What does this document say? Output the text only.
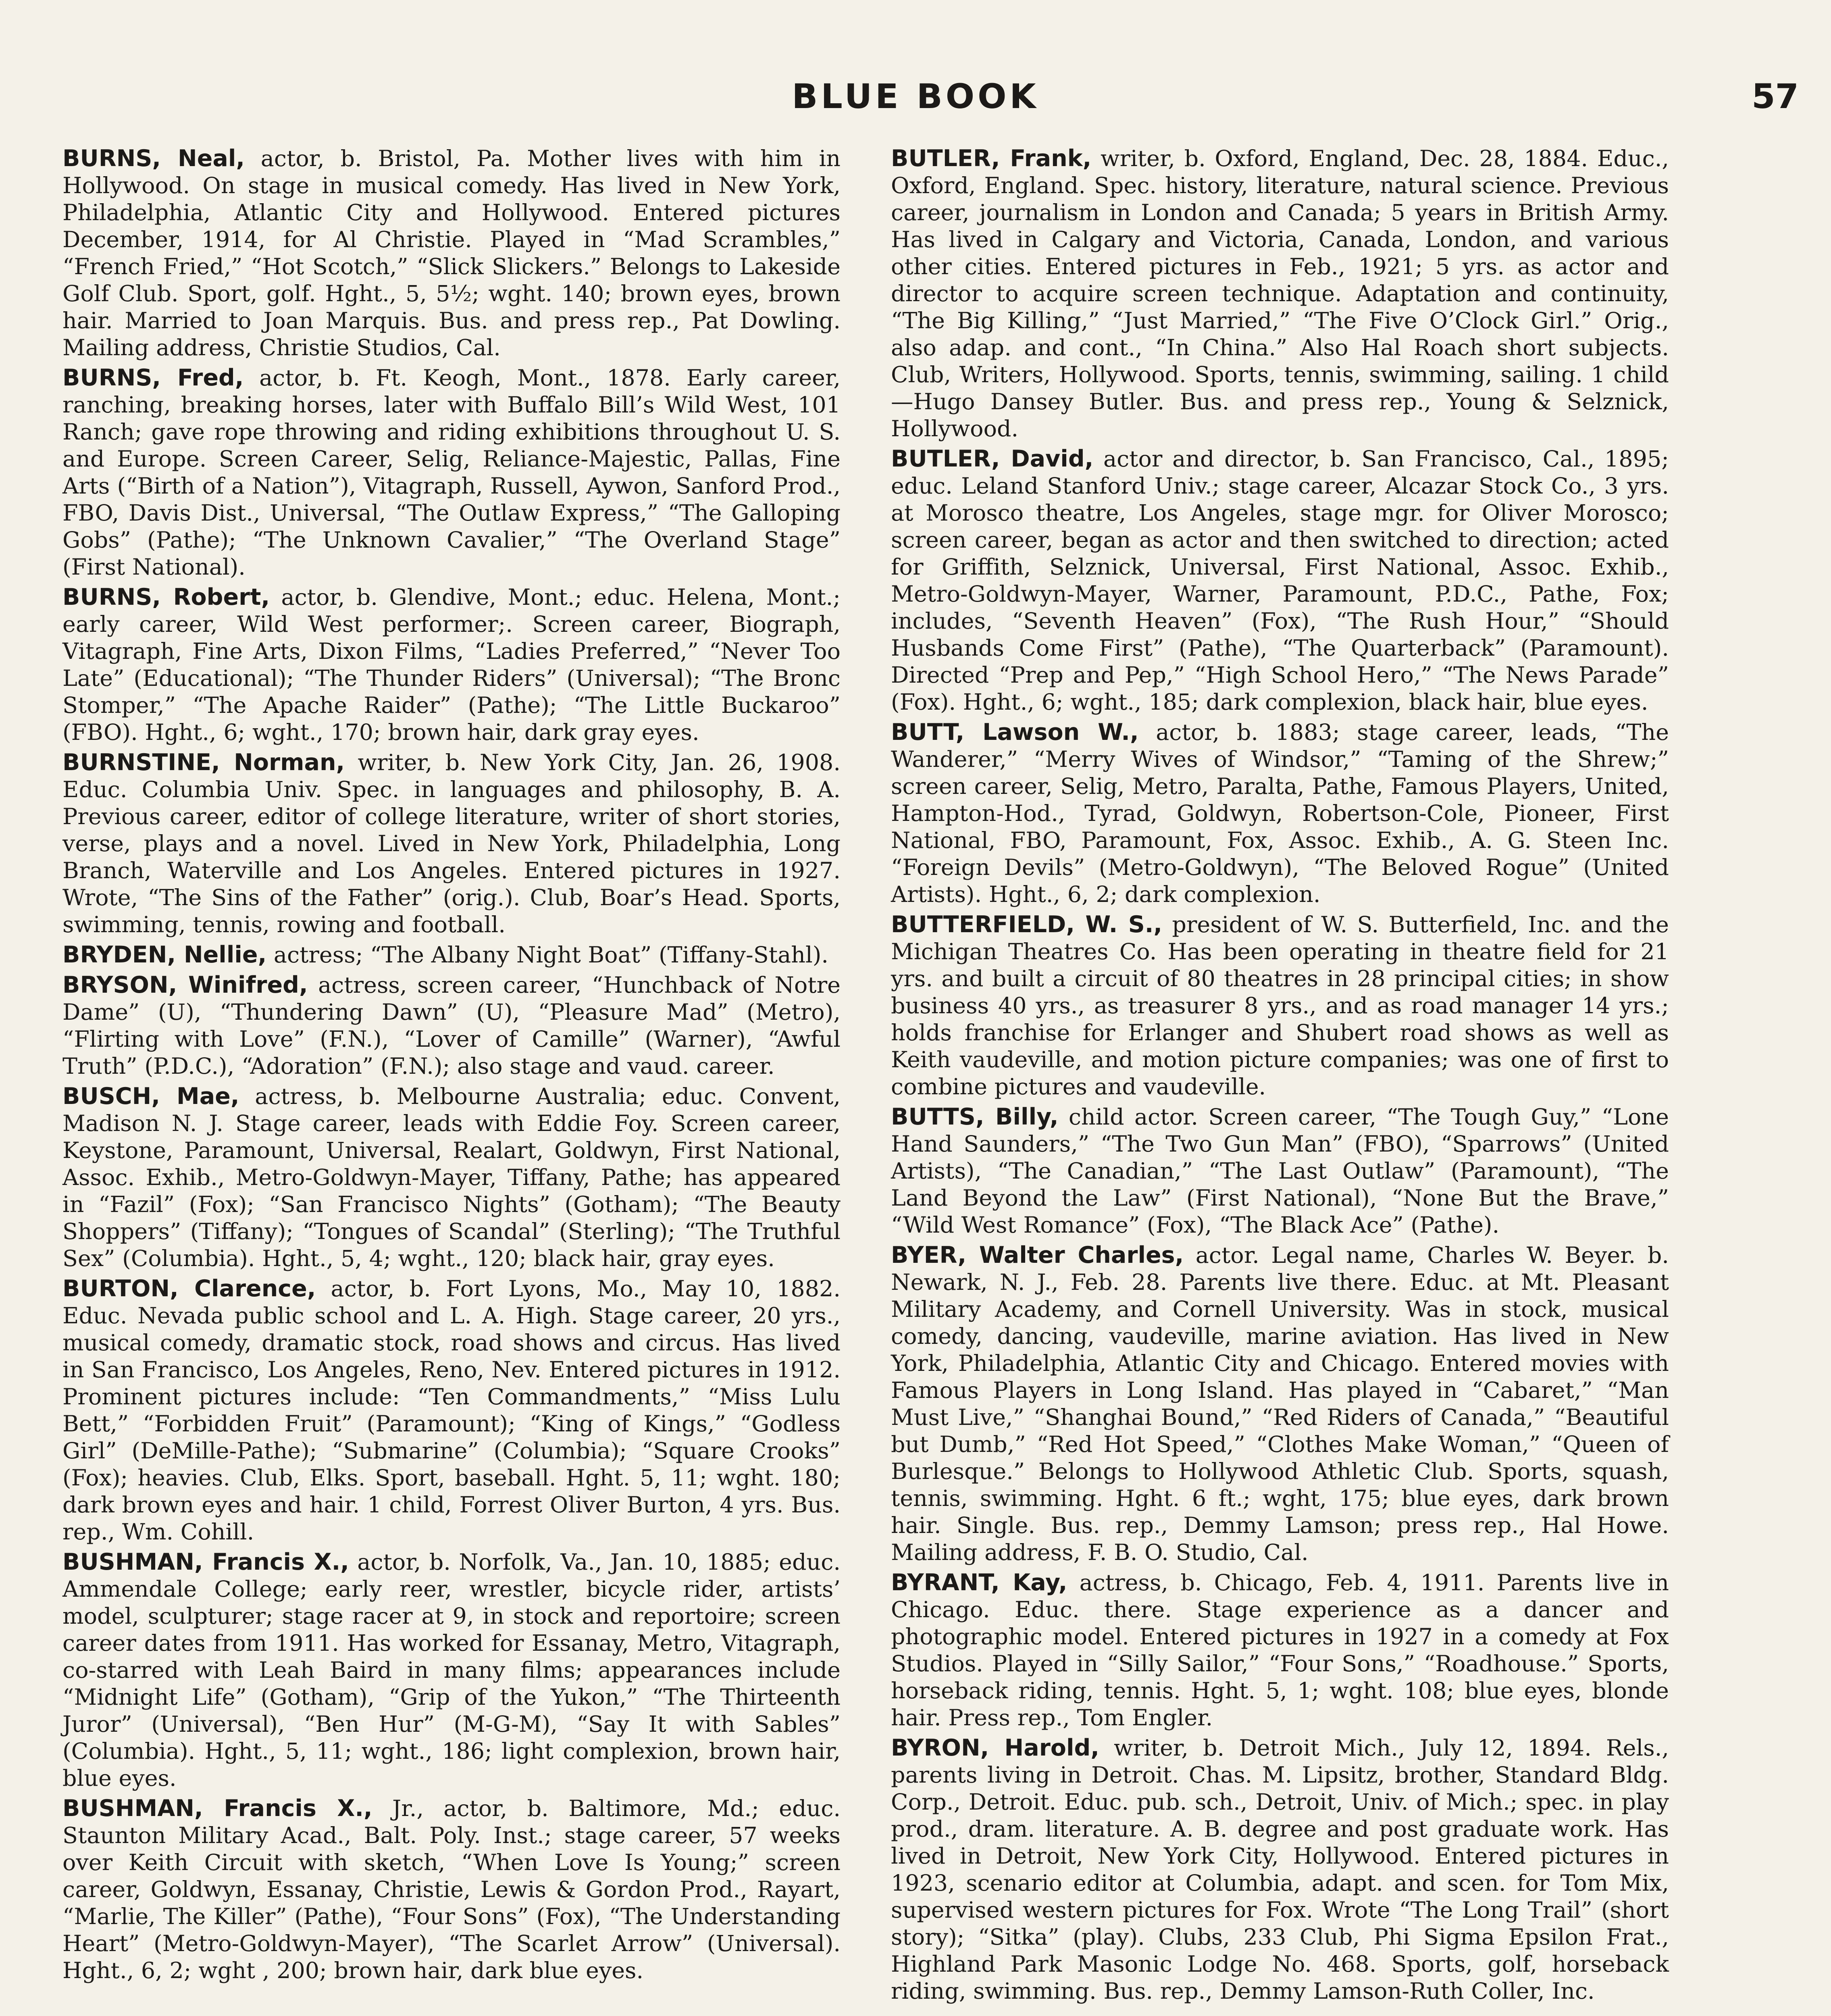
BLUE BOOK	57

BURNS, Neal, actor, b. Bristol, Pa. Mother lives with him in Hollywood. On stage in musical comedy. Has lived in New York, Philadelphia, Atlantic City and Hollywood. Entered pictures December, 1914, for Al Christie. Played in “Mad Scrambles,” “French Fried,” “Hot Scotch,” “Slick Slickers.” Belongs to Lakeside Golf Club. Sport, golf. Hght., 5, 5½; wght. 140; brown eyes, brown hair. Married to Joan Marquis. Bus. and press rep., Pat Dowling. Mailing address, Christie Studios, Cal.

BURNS, Fred, actor, b. Ft. Keogh, Mont., 1878. Early career, ranching, breaking horses, later with Buffalo Bill’s Wild West, 101 Ranch; gave rope throwing and riding exhibitions throughout U. S. and Europe. Screen Career, Selig, Reliance-Majestic, Pallas, Fine Arts (“Birth of a Nation”), Vitagraph, Russell, Aywon, Sanford Prod., FBO, Davis Dist., Universal, “The Outlaw Express,” “The Galloping Gobs” (Pathe); “The Unknown Cavalier,” “The Overland Stage” (First National).

BURNS, Robert, actor, b. Glendive, Mont.; educ. Helena, Mont.; early career, Wild West performer;. Screen career, Biograph, Vitagraph, Fine Arts, Dixon Films, “Ladies Preferred,” “Never Too Late” (Educational); “The Thunder Riders” (Universal); “The Bronc Stomper,” “The Apache Raider” (Pathe); “The Little Buckaroo” (FBO). Hght., 6; wght., 170; brown hair, dark gray eyes.

BURNSTINE, Norman, writer, b. New York City, Jan. 26, 1908. Educ. Columbia Univ. Spec. in languages and philosophy, B. A. Previous career, editor of college literature, writer of short stories, verse, plays and a novel. Lived in New York, Philadelphia, Long Branch, Waterville and Los Angeles. Entered pictures in 1927. Wrote, “The Sins of the Father” (orig.). Club, Boar’s Head. Sports, swimming, tennis, rowing and football.

BRYDEN, Nellie, actress; “The Albany Night Boat” (Tiffany-Stahl).

BRYSON, Winifred, actress, screen career, “Hunchback of Notre Dame” (U), “Thundering Dawn” (U), “Pleasure Mad” (Metro), “Flirting with Love” (F.N.), “Lover of Camille” (Warner), “Awful Truth” (P.D.C.), “Adoration” (F.N.); also stage and vaud. career.

BUSCH, Mae, actress, b. Melbourne Australia; educ. Convent, Madison N. J. Stage career, leads with Eddie Foy. Screen career, Keystone, Paramount, Universal, Realart, Goldwyn, First National, Assoc. Exhib., Metro-Goldwyn-Mayer, Tiffany, Pathe; has appeared in “Fazil” (Fox); “San Francisco Nights” (Gotham); “The Beauty Shoppers” (Tiffany); “Tongues of Scandal” (Sterling); “The Truthful Sex” (Columbia). Hght., 5, 4; wght., 120; black hair, gray eyes.

BURTON, Clarence, actor, b. Fort Lyons, Mo., May 10, 1882. Educ. Nevada public school and L. A. High. Stage career, 20 yrs., musical comedy, dramatic stock, road shows and circus. Has lived in San Francisco, Los Angeles, Reno, Nev. Entered pictures in 1912. Prominent pictures include: “Ten Commandments,” “Miss Lulu Bett,” “Forbidden Fruit” (Paramount); “King of Kings,” “Godless Girl” (DeMille-Pathe); “Submarine” (Columbia); “Square Crooks” (Fox); heavies. Club, Elks. Sport, baseball. Hght. 5, 11; wght. 180; dark brown eyes and hair. 1 child, Forrest Oliver Burton, 4 yrs. Bus. rep., Wm. Cohill.

BUSHMAN, Francis X., actor, b. Norfolk, Va., Jan. 10, 1885; educ. Ammendale College; early reer, wrestler, bicycle rider, artists’ model, sculpturer; stage racer at 9, in stock and reportoire; screen career dates from 1911. Has worked for Essanay, Metro, Vitagraph, co-starred with Leah Baird in many films; appearances include “Midnight Life” (Gotham), “Grip of the Yukon,” “The Thirteenth Juror” (Universal), “Ben Hur” (M-G-M), “Say It with Sables” (Columbia). Hght., 5, 11; wght., 186; light complexion, brown hair, blue eyes.

BUSHMAN, Francis X., Jr., actor, b. Baltimore, Md.; educ. Staunton Military Acad., Balt. Poly. Inst.; stage career, 57 weeks over Keith Circuit with sketch, “When Love Is Young;” screen career, Goldwyn, Essanay, Christie, Lewis & Gordon Prod., Rayart, “Marlie, The Killer” (Pathe), “Four Sons” (Fox), “The Understanding Heart” (Metro-Goldwyn-Mayer), “The Scarlet Arrow” (Universal). Hght., 6, 2; wght , 200; brown hair, dark blue eyes.

BUTLER, Frank, writer, b. Oxford, England, Dec. 28, 1884. Educ., Oxford, England. Spec. history, literature, natural science. Previous career, journalism in London and Canada; 5 years in British Army. Has lived in Calgary and Victoria, Canada, London, and various other cities. Entered pictures in Feb., 1921; 5 yrs. as actor and director to acquire screen technique. Adaptation and continuity, “The Big Killing,” “Just Married,” “The Five O’Clock Girl.” Orig., also adap. and cont., “In China.” Also Hal Roach short subjects. Club, Writers, Hollywood. Sports, tennis, swimming, sailing. 1 child—Hugo Dansey Butler. Bus. and press rep., Young & Selznick, Hollywood.

BUTLER, David, actor and director, b. San Francisco, Cal., 1895; educ. Leland Stanford Univ.; stage career, Alcazar Stock Co., 3 yrs. at Morosco theatre, Los Angeles, stage mgr. for Oliver Morosco; screen career, began as actor and then switched to direction; acted for Griffith, Selznick, Universal, First National, Assoc. Exhib., Metro-Goldwyn-Mayer, Warner, Paramount, P.D.C., Pathe, Fox; includes, “Seventh Heaven” (Fox), “The Rush Hour,” “Should Husbands Come First” (Pathe), “The Quarterback” (Paramount). Directed “Prep and Pep,” “High School Hero,” “The News Parade” (Fox). Hght., 6; wght., 185; dark complexion, black hair, blue eyes.

BUTT, Lawson W., actor, b. 1883; stage career, leads, “The Wanderer,” “Merry Wives of Windsor,” “Taming of the Shrew;” screen career, Selig, Metro, Paralta, Pathe, Famous Players, United, Hampton-Hod., Tyrad, Goldwyn, Robertson-Cole, Pioneer, First National, FBO, Paramount, Fox, Assoc. Exhib., A. G. Steen Inc. “Foreign Devils” (Metro-Goldwyn), “The Beloved Rogue” (United Artists). Hght., 6, 2; dark complexion.

BUTTERFIELD, W. S., president of W. S. Butterfield, Inc. and the Michigan Theatres Co. Has been operating in theatre field for 21 yrs. and built a circuit of 80 theatres in 28 principal cities; in show business 40 yrs., as treasurer 8 yrs., and as road manager 14 yrs.; holds franchise for Erlanger and Shubert road shows as well as Keith vaudeville, and motion picture companies; was one of first to combine pictures and vaudeville.

BUTTS, Billy, child actor. Screen career, “The Tough Guy,” “Lone Hand Saunders,” “The Two Gun Man” (FBO), “Sparrows” (United Artists), “The Canadian,” “The Last Outlaw” (Paramount), “The Land Beyond the Law” (First National), “None But the Brave,” “Wild West Romance” (Fox), “The Black Ace” (Pathe).

BYER, Walter Charles, actor. Legal name, Charles W. Beyer. b. Newark, N. J., Feb. 28. Parents live there. Educ. at Mt. Pleasant Military Academy, and Cornell University. Was in stock, musical comedy, dancing, vaudeville, marine aviation. Has lived in New York, Philadelphia, Atlantic City and Chicago. Entered movies with Famous Players in Long Island. Has played in “Cabaret,” “Man Must Live,” “Shanghai Bound,” “Red Riders of Canada,” “Beautiful but Dumb,” “Red Hot Speed,” “Clothes Make Woman,” “Queen of Burlesque.” Belongs to Hollywood Athletic Club. Sports, squash, tennis, swimming. Hght. 6 ft.; wght, 175; blue eyes, dark brown hair. Single. Bus. rep., Demmy Lamson; press rep., Hal Howe. Mailing address, F. B. O. Studio, Cal.

BYRANT, Kay, actress, b. Chicago, Feb. 4, 1911. Parents live in Chicago. Educ. there. Stage experience as a dancer and photographic model. Entered pictures in 1927 in a comedy at Fox Studios. Played in “Silly Sailor,” “Four Sons,” “Roadhouse.” Sports, horseback riding, tennis. Hght. 5, 1; wght. 108; blue eyes, blonde hair. Press rep., Tom Engler.

BYRON, Harold, writer, b. Detroit Mich., July 12, 1894. Rels., parents living in Detroit. Chas. M. Lipsitz, brother, Standard Bldg. Corp., Detroit. Educ. pub. sch., Detroit, Univ. of Mich.; spec. in play prod., dram. literature. A. B. degree and post graduate work. Has lived in Detroit, New York City, Hollywood. Entered pictures in 1923, scenario editor at Columbia, adapt. and scen. for Tom Mix, supervised western pictures for Fox. Wrote “The Long Trail” (short story); “Sitka” (play). Clubs, 233 Club, Phi Sigma Epsilon Frat., Highland Park Masonic Lodge No. 468. Sports, golf, horseback riding, swimming. Bus. rep., Demmy Lamson-Ruth Coller, Inc.
